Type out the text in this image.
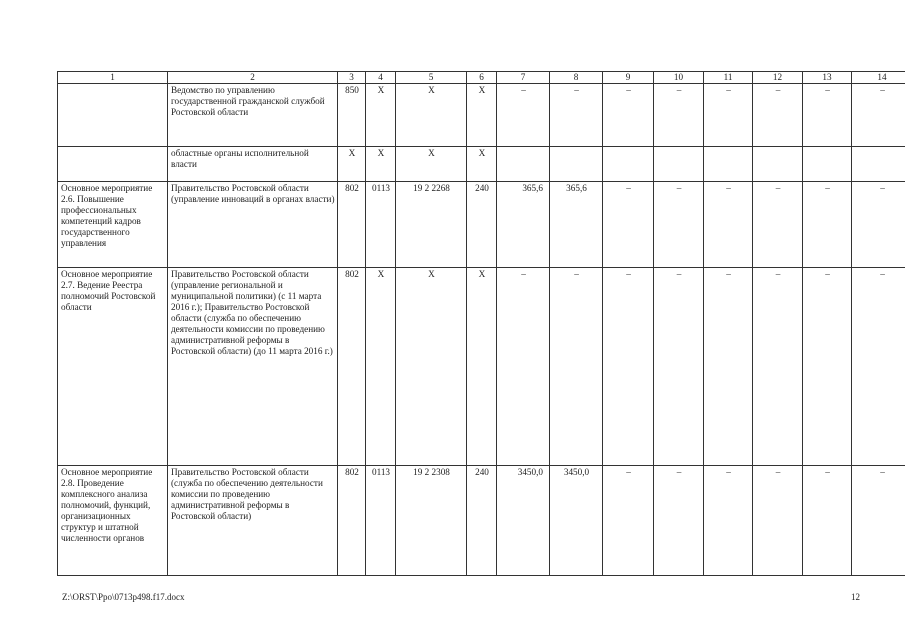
1	2	3	4	5	6	7	8	9	10	11	12	13	14
	Ведомство по управлению государственной гражданской службой Ростовской области	850	Х	Х	Х	–	–	–	–	–	–	–	–
	областные органы исполнительной власти	Х	Х	Х	Х								
Основное мероприятие 2.6. Повышение профессиональных компетенций кадров государственного управления	Правительство Ростовской области (управление инноваций в органах власти)	802	0113	19 2 2268	240	365,6	365,6	–	–	–	–	–	–
Основное мероприятие 2.7. Ведение Реестра полномочий Ростовской области	Правительство Ростовской области (управление региональной и муниципальной политики) (с 11 марта 2016 г.); Правительство Ростовской области (служба по обеспечению деятельности комиссии по проведению административной реформы в Ростовской области) (до 11 марта 2016 г.)	802	Х	Х	Х	–	–	–	–	–	–	–	–
Основное мероприятие 2.8. Проведение комплексного анализа полномочий, функций, организационных структур и штатной численности органов	Правительство Ростовской области (служба по обеспечению деятельности комиссии по проведению административной реформы в Ростовской области)	802	0113	19 2 2308	240	3450,0	3450,0	–	–	–	–	–	–
Z:\ORST\Ppo\0713p498.f17.docx	12
